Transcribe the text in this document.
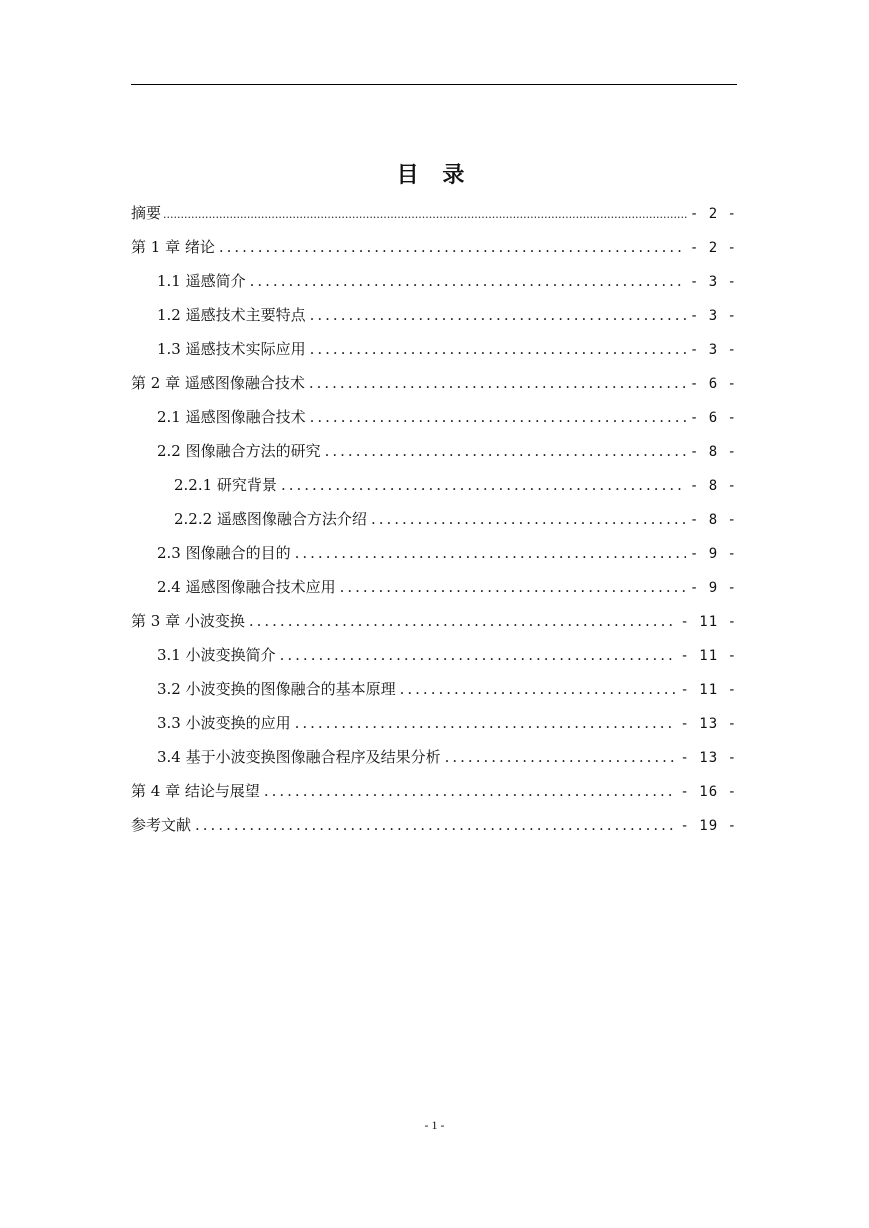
目 录
摘要 .....	- 2 -
第 1 章 绪论 .....	- 2 -
1.1 遥感简介 .....	- 3 -
1.2 遥感技术主要特点 .....	- 3 -
1.3 遥感技术实际应用 .....	- 3 -
第 2 章 遥感图像融合技术 .....	- 6 -
2.1 遥感图像融合技术 .....	- 6 -
2.2 图像融合方法的研究 .....	- 8 -
2.2.1 研究背景 .....	- 8 -
2.2.2 遥感图像融合方法介绍 .....	- 8 -
2.3 图像融合的目的 .....	- 9 -
2.4 遥感图像融合技术应用 .....	- 9 -
第 3 章 小波变换 .....	- 11 -
3.1 小波变换简介 .....	- 11 -
3.2 小波变换的图像融合的基本原理 .....	- 11 -
3.3 小波变换的应用 .....	- 13 -
3.4 基于小波变换图像融合程序及结果分析 .....	- 13 -
第 4 章 结论与展望 .....	- 16 -
参考文献 .....	- 19 -
- 1 -
